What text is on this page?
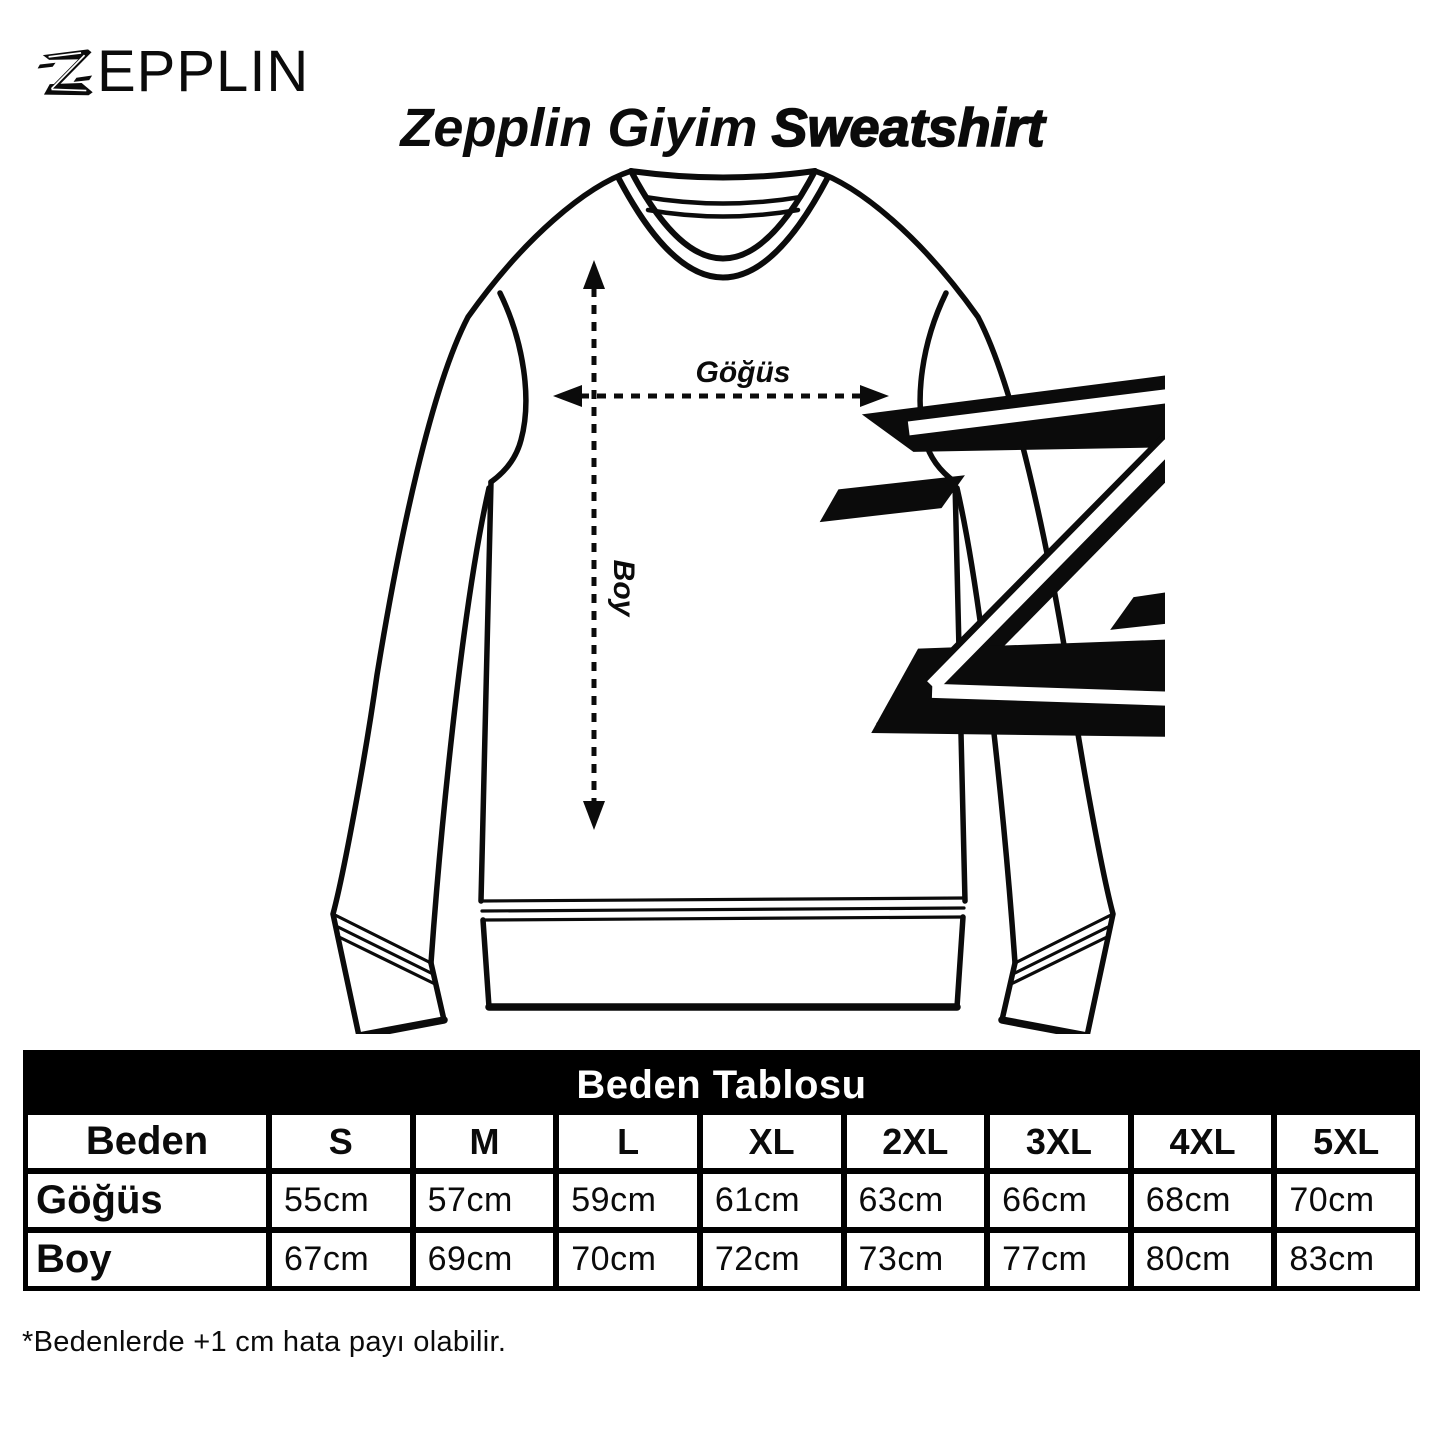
EPPLIN
Zepplin Giyim Sweatshirt
Göğüs
Boy
Beden Tablosu
Beden	S	M	L	XL	2XL	3XL	4XL	5XL
Göğüs	55cm	57cm	59cm	61cm	63cm	66cm	68cm	70cm
Boy	67cm	69cm	70cm	72cm	73cm	77cm	80cm	83cm

*Bedenlerde +1 cm hata payı olabilir.
